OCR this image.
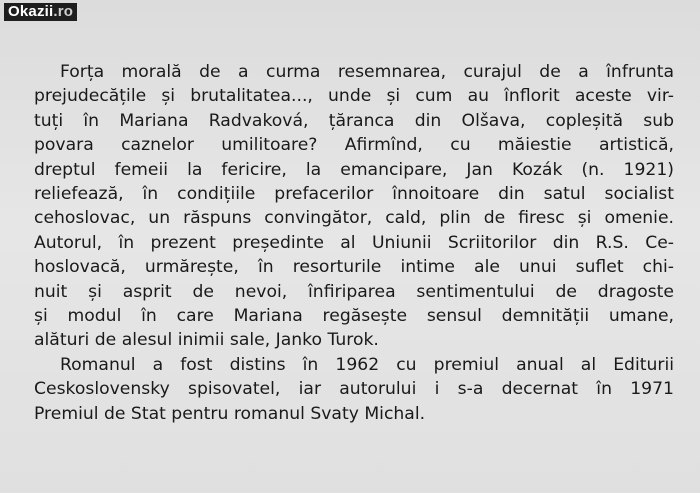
Okazii.ro
Forța morală de a curma resemnarea, curajul de a înfrunta
prejudecățile și brutalitatea..., unde și cum au înflorit aceste vir-
tuți în Mariana Radvaková, țăranca din Olšava, copleșită sub
povara caznelor umilitoare? Afirmînd, cu măiestie artistică,
dreptul femeii la fericire, la emancipare, Jan Kozák (n. 1921)
reliefează, în condițiile prefacerilor înnoitoare din satul socialist
cehoslovac, un răspuns convingător, cald, plin de firesc și omenie.
Autorul, în prezent președinte al Uniunii Scriitorilor din R.S. Ce-
hoslovacă, urmărește, în resorturile intime ale unui suflet chi-
nuit și asprit de nevoi, înfiriparea sentimentului de dragoste
și modul în care Mariana regăsește sensul demnității umane,
alături de alesul inimii sale, Janko Turok.
Romanul a fost distins în 1962 cu premiul anual al Editurii
Ceskoslovensky spisovatel, iar autorului i s-a decernat în 1971
Premiul de Stat pentru romanul Svaty Michal.
